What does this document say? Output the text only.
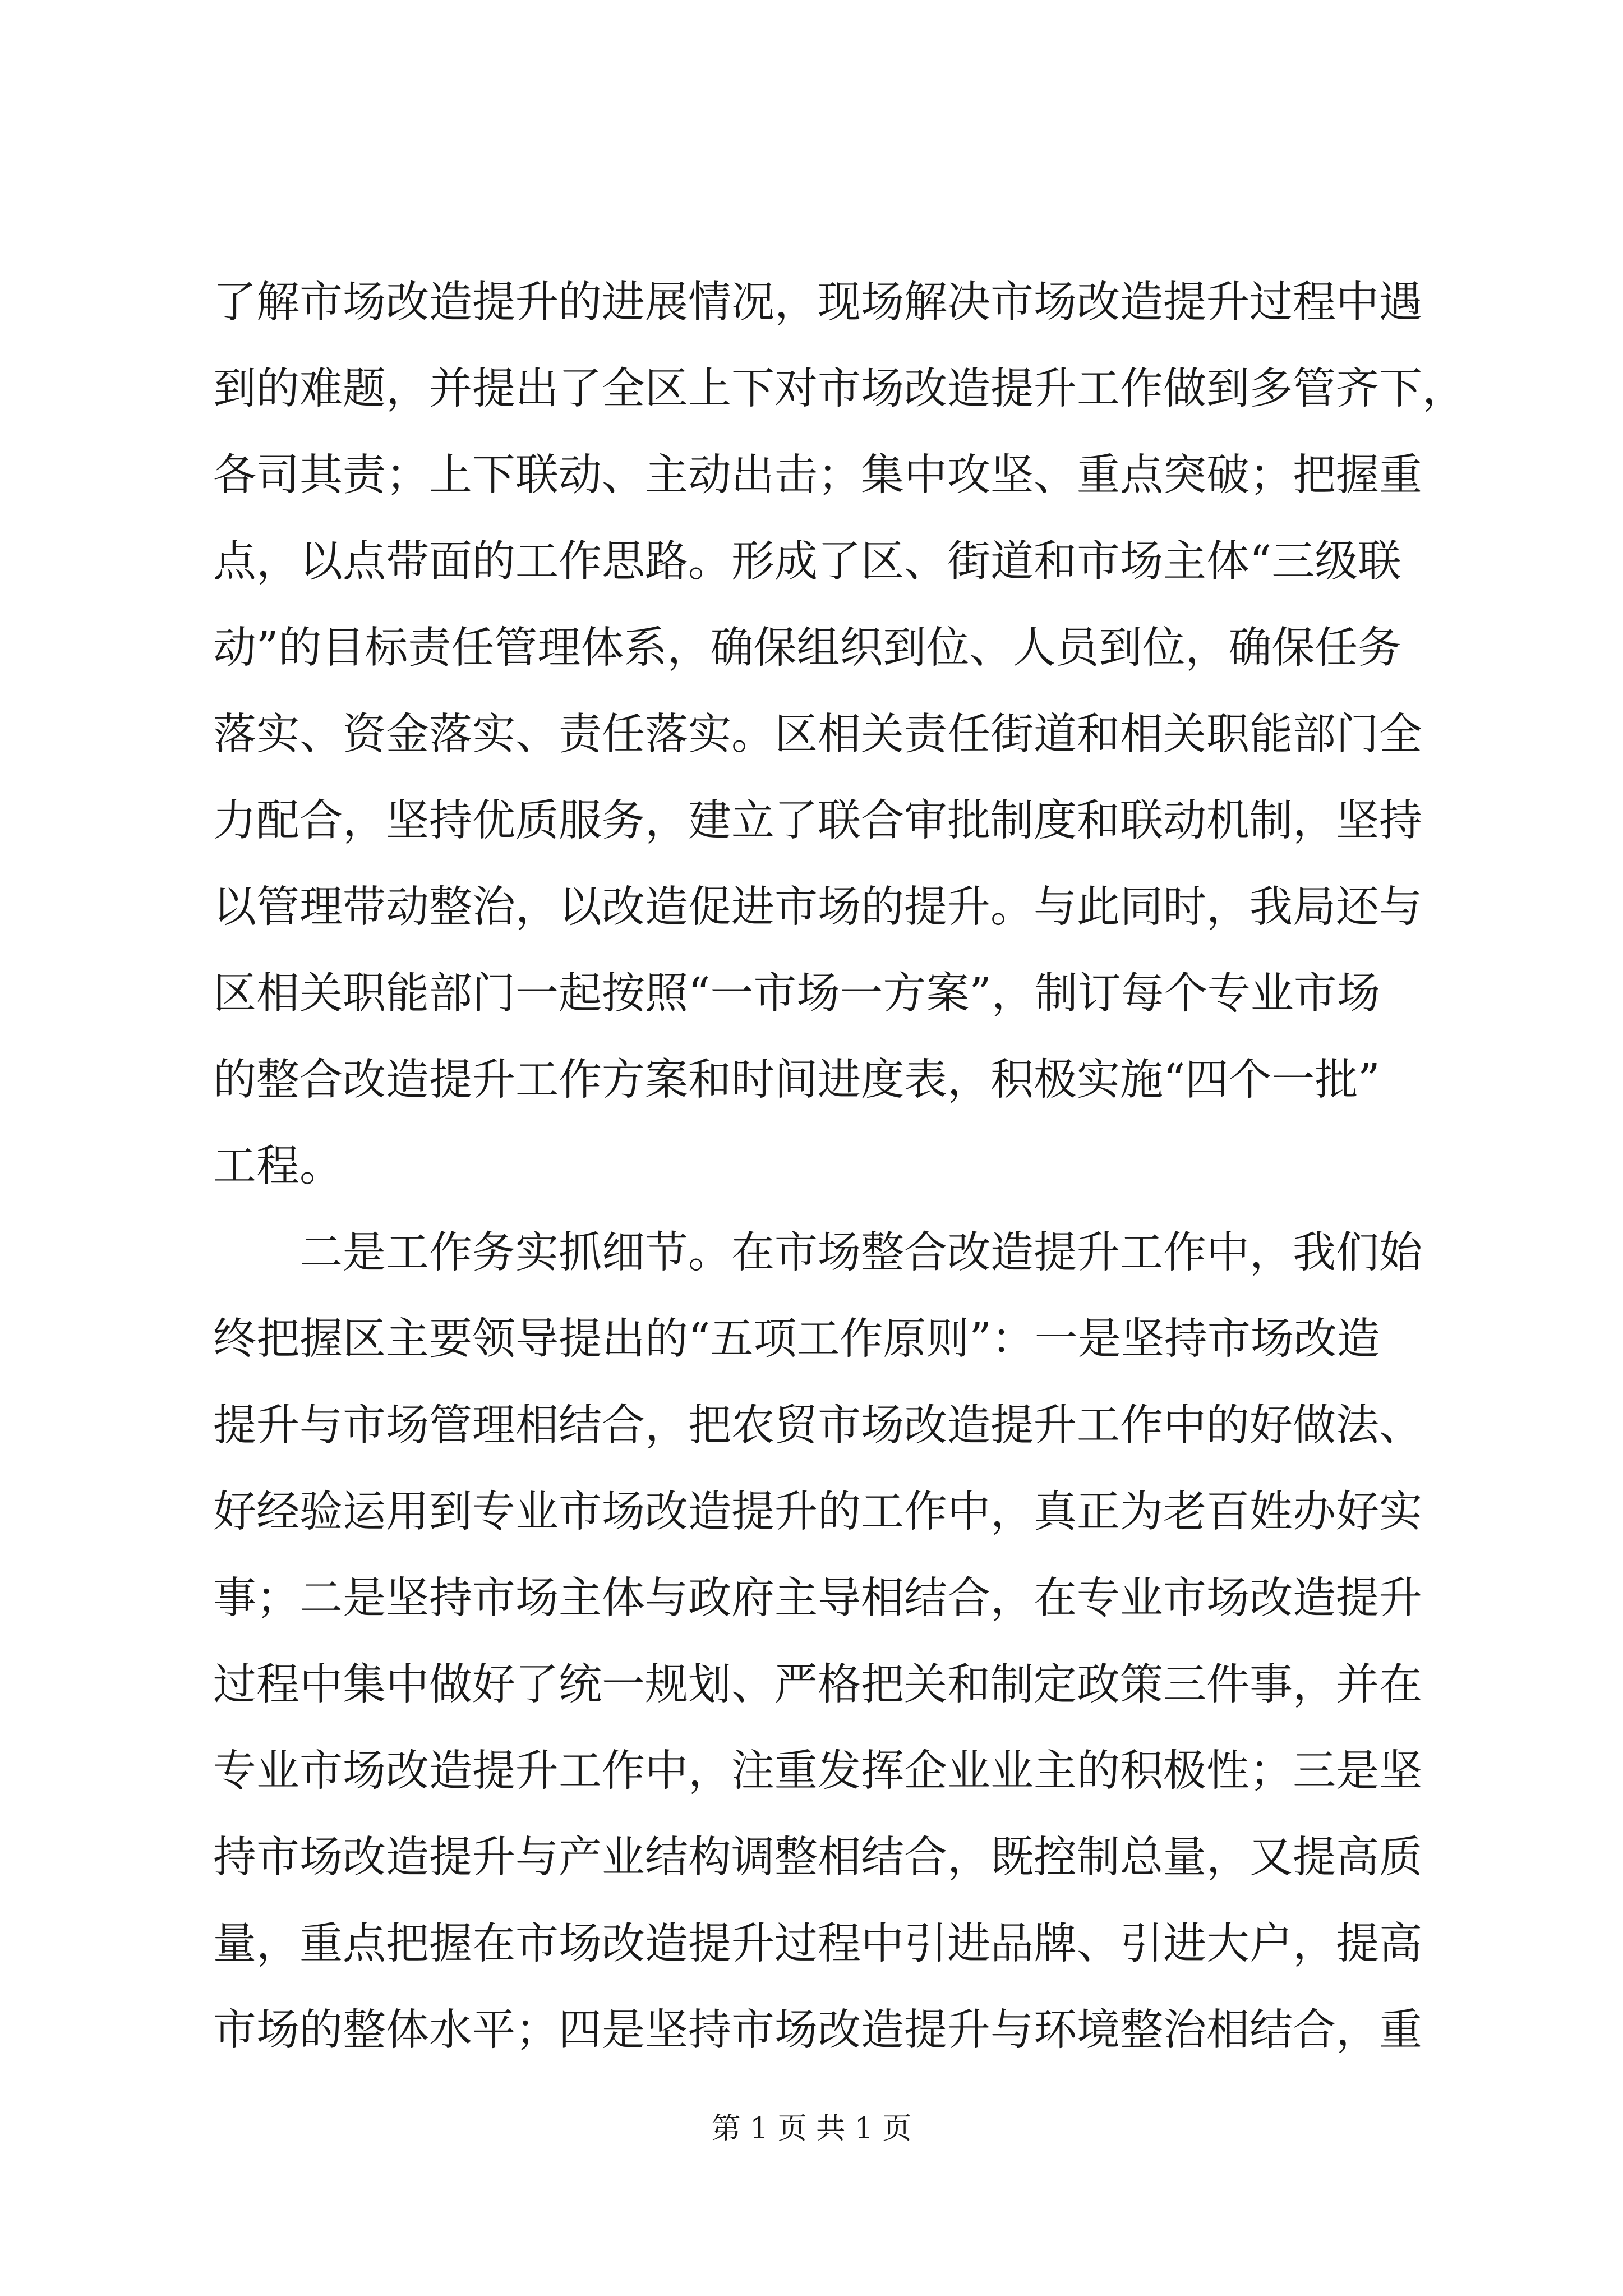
了解市场改造提升的进展情况，现场解决市场改造提升过程中遇
到的难题，并提出了全区上下对市场改造提升工作做到多管齐下，
各司其责；上下联动、主动出击；集中攻坚、重点突破；把握重
点，以点带面的工作思路。形成了区、街道和市场主体“三级联
动”的目标责任管理体系，确保组织到位、人员到位，确保任务
落实、资金落实、责任落实。区相关责任街道和相关职能部门全
力配合，坚持优质服务，建立了联合审批制度和联动机制，坚持
以管理带动整治，以改造促进市场的提升。与此同时，我局还与
区相关职能部门一起按照“一市场一方案”，制订每个专业市场
的整合改造提升工作方案和时间进度表，积极实施“四个一批”
工程。
　　二是工作务实抓细节。在市场整合改造提升工作中，我们始
终把握区主要领导提出的“五项工作原则”：一是坚持市场改造
提升与市场管理相结合，把农贸市场改造提升工作中的好做法、
好经验运用到专业市场改造提升的工作中，真正为老百姓办好实
事；二是坚持市场主体与政府主导相结合，在专业市场改造提升
过程中集中做好了统一规划、严格把关和制定政策三件事，并在
专业市场改造提升工作中，注重发挥企业业主的积极性；三是坚
持市场改造提升与产业结构调整相结合，既控制总量，又提高质
量，重点把握在市场改造提升过程中引进品牌、引进大户，提高
市场的整体水平；四是坚持市场改造提升与环境整治相结合，重
第 1 页 共 1 页
